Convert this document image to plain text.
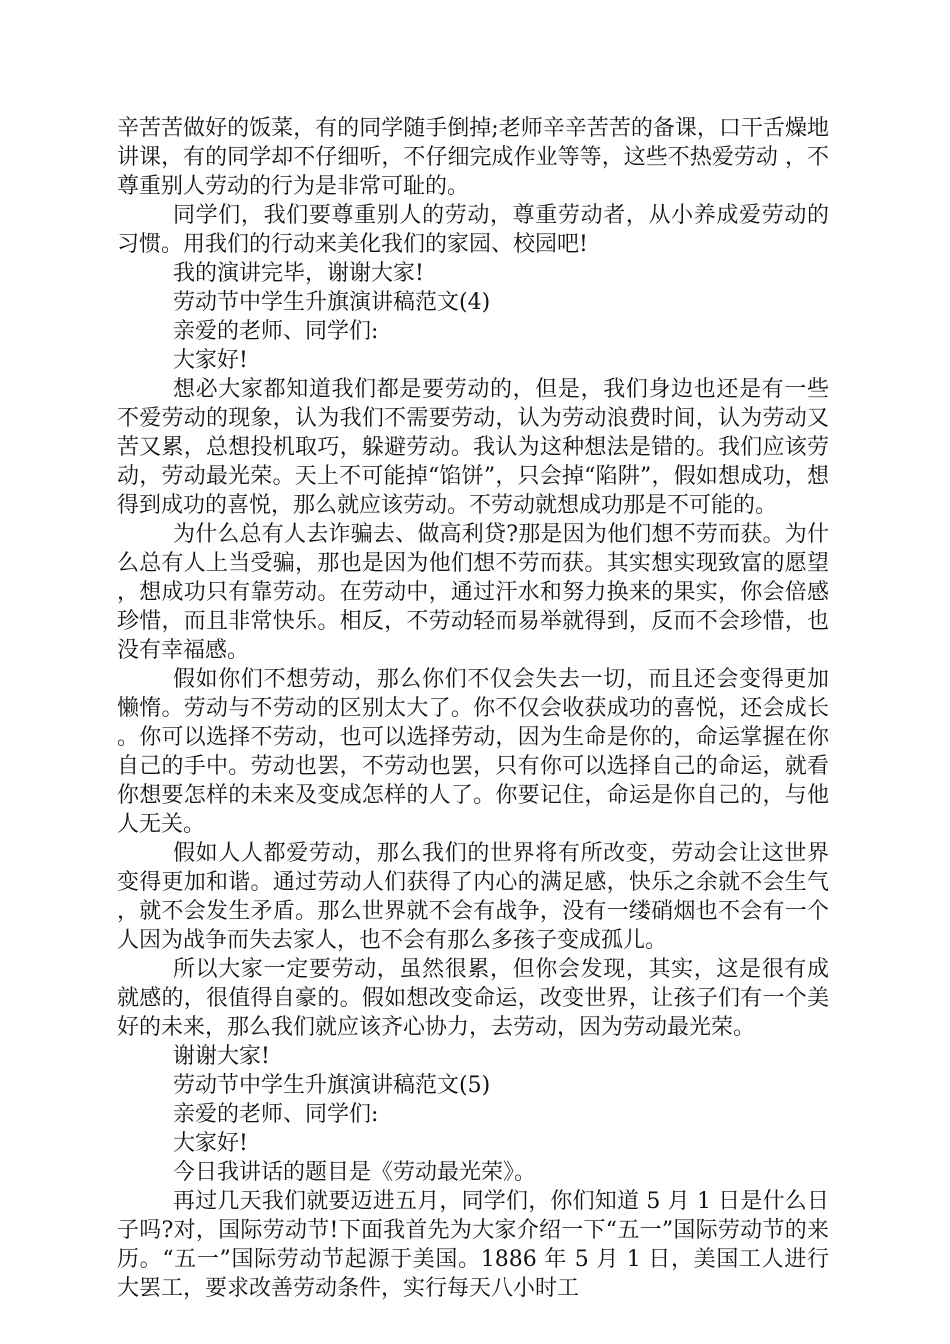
辛苦苦做好的饭菜，有的同学随手倒掉;老师辛辛苦苦的备课，口干舌燥地讲课，有的同学却不仔细听，不仔细完成作业等等，这些不热爱劳动 ，不尊重别人劳动的行为是非常可耻的。

同学们，我们要尊重别人的劳动，尊重劳动者，从小养成爱劳动的习惯。用我们的行动来美化我们的家园、校园吧!

我的演讲完毕，谢谢大家!

劳动节中学生升旗演讲稿范文(4)

亲爱的老师、同学们:

大家好!

想必大家都知道我们都是要劳动的，但是，我们身边也还是有一些不爱劳动的现象，认为我们不需要劳动，认为劳动浪费时间，认为劳动又苦又累，总想投机取巧，躲避劳动。我认为这种想法是错的。我们应该劳动，劳动最光荣。天上不可能掉“馅饼”，只会掉“陷阱”，假如想成功，想得到成功的喜悦，那么就应该劳动。不劳动就想成功那是不可能的。

为什么总有人去诈骗去、做高利贷?那是因为他们想不劳而获。为什么总有人上当受骗，那也是因为他们想不劳而获。其实想实现致富的愿望，想成功只有靠劳动。在劳动中，通过汗水和努力换来的果实，你会倍感珍惜，而且非常快乐。相反，不劳动轻而易举就得到，反而不会珍惜，也没有幸福感。

假如你们不想劳动，那么你们不仅会失去一切，而且还会变得更加懒惰。劳动与不劳动的区别太大了。你不仅会收获成功的喜悦，还会成长。你可以选择不劳动，也可以选择劳动，因为生命是你的，命运掌握在你自己的手中。劳动也罢，不劳动也罢，只有你可以选择自己的命运，就看你想要怎样的未来及变成怎样的人了。你要记住，命运是你自己的，与他人无关。

假如人人都爱劳动，那么我们的世界将有所改变，劳动会让这世界变得更加和谐。通过劳动人们获得了内心的满足感，快乐之余就不会生气，就不会发生矛盾。那么世界就不会有战争，没有一缕硝烟也不会有一个人因为战争而失去家人，也不会有那么多孩子变成孤儿。

所以大家一定要劳动，虽然很累，但你会发现，其实，这是很有成就感的，很值得自豪的。假如想改变命运，改变世界，让孩子们有一个美好的未来，那么我们就应该齐心协力，去劳动，因为劳动最光荣。

谢谢大家!

劳动节中学生升旗演讲稿范文(5)

亲爱的老师、同学们:

大家好!

今日我讲话的题目是《劳动最光荣》。

再过几天我们就要迈进五月，同学们，你们知道 5 月 1 日是什么日子吗?对，国际劳动节!下面我首先为大家介绍一下“五一”国际劳动节的来历。“五一”国际劳动节起源于美国。1886 年 5 月 1 日，美国工人进行大罢工，要求改善劳动条件，实行每天八小时工
